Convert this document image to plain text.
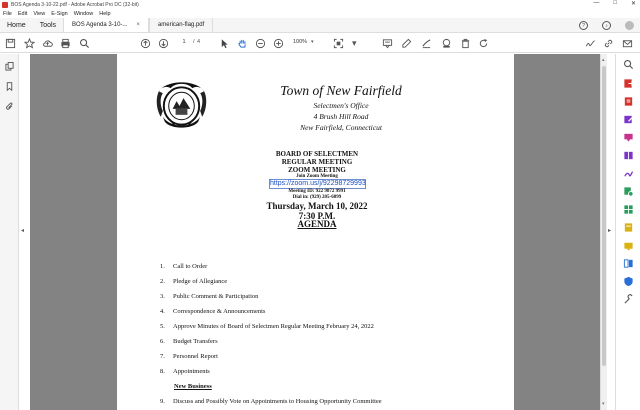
BOS Agenda 3-10-22.pdf - Adobe Acrobat Pro DC (32-bit)	— □ ✕
File Edit View E-Sign Window Help
Home	Tools	BOS Agenda 3-10-... ×	american-flag.pdf	?	♪
1	/ 4	100% ▾	▾
◂
Town of New Fairfield
Selectmen's Office
4 Brush Hill Road
New Fairfield, Connecticut
BOARD OF SELECTMEN
REGULAR MEETING
ZOOM MEETING
Join Zoom Meeting
https://zoom.us/j/92298729993
Meeting ID: 922 9872 9991
Dial in: (929) 205-6099
Thursday, March 10, 2022
7:30 P.M.
AGENDA
1. Call to Order
2. Pledge of Allegiance
3. Public Comment & Participation
4. Correspondence & Announcements
5. Approve Minutes of Board of Selectmen Regular Meeting February 24, 2022
6. Budget Transfers
7. Personnel Report
8. Appointments
New Business
9. Discuss and Possibly Vote on Appointments to Housing Opportunity Committee
▴
▾
▸
